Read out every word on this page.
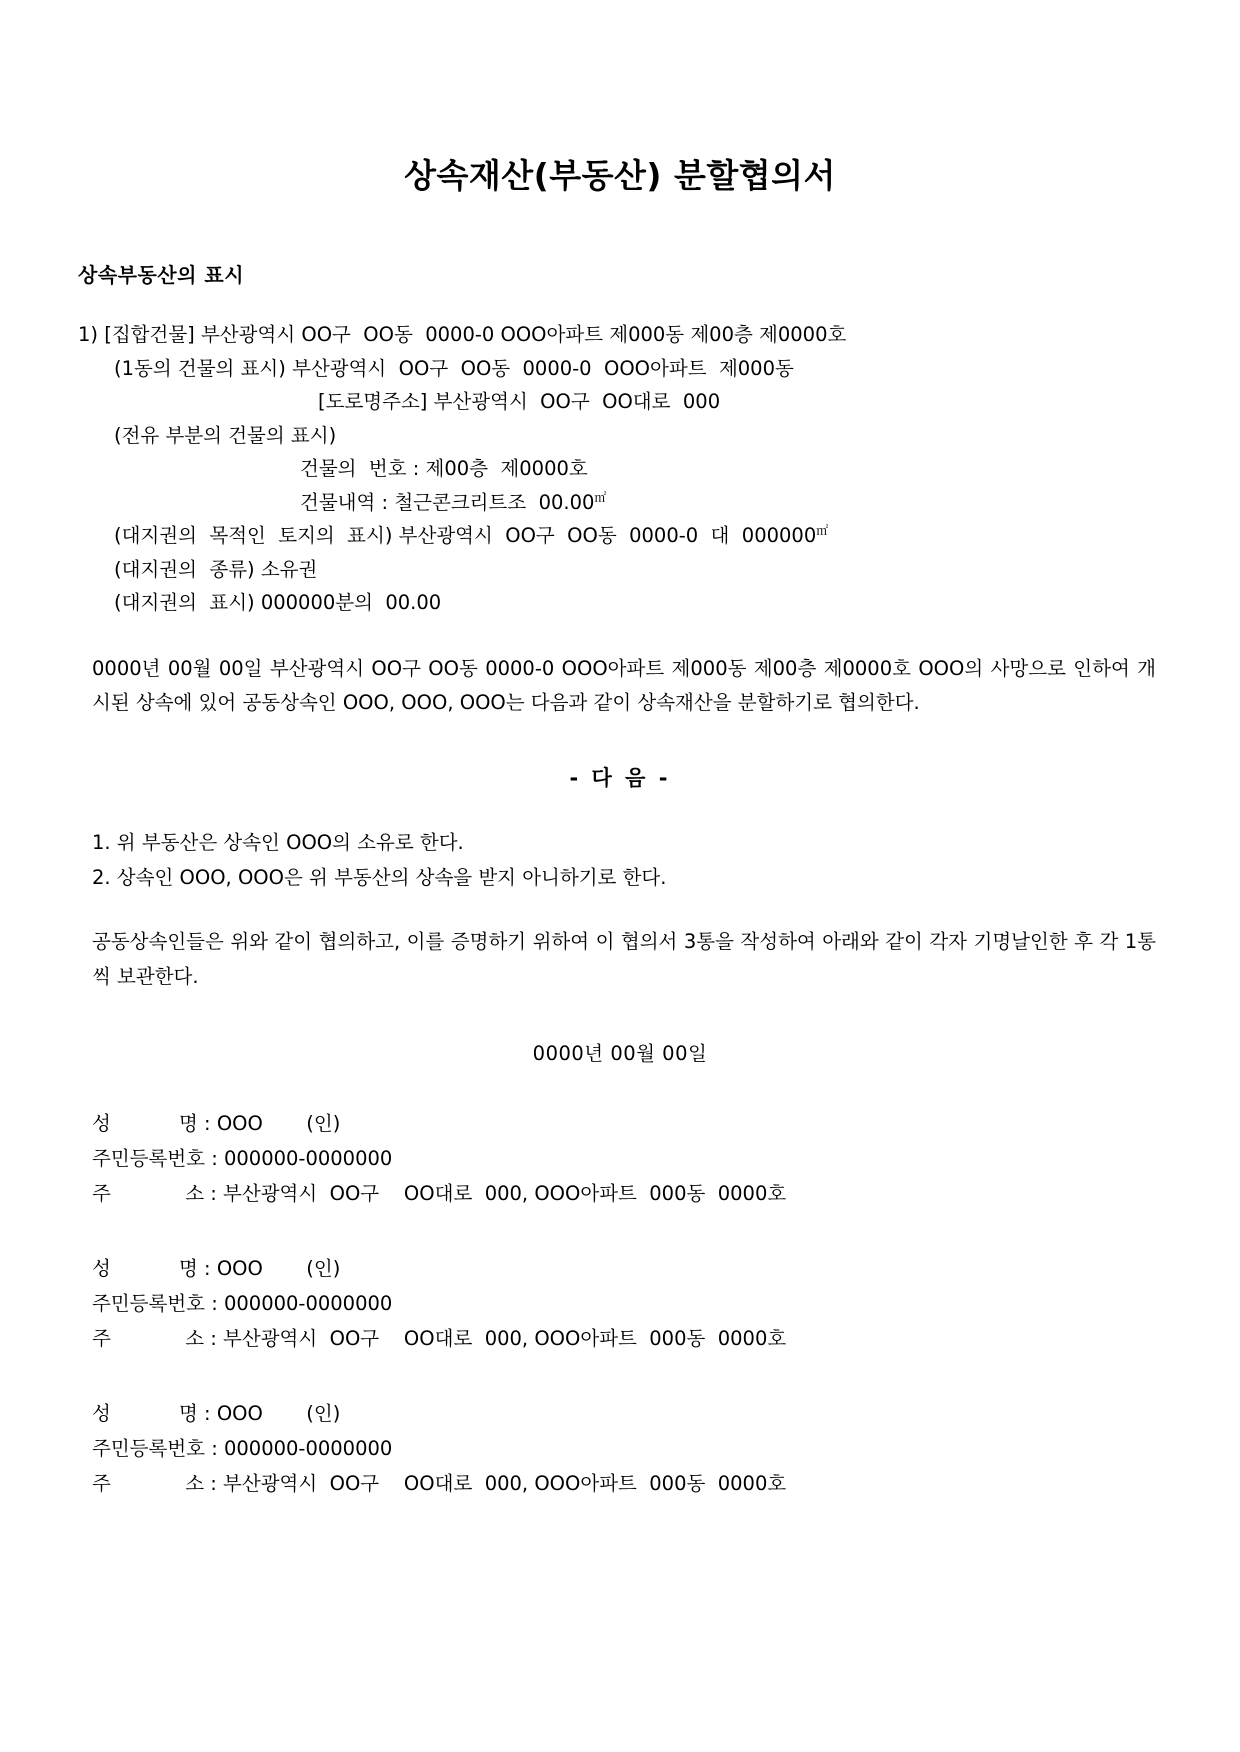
상속재산(부동산) 분할협의서
상속부동산의 표시
1) [집합건물] 부산광역시 OO구  OO동  0000-0 OOO아파트 제000동 제00층 제0000호
(1동의 건물의 표시) 부산광역시  OO구  OO동  0000-0  OOO아파트  제000동
[도로명주소] 부산광역시  OO구  OO대로  000
(전유 부분의 건물의 표시)
건물의  번호 : 제00층  제0000호
건물내역 : 철근콘크리트조  00.00㎡
(대지권의  목적인  토지의  표시) 부산광역시  OO구  OO동  0000-0  대  000000㎡
(대지권의  종류) 소유권
(대지권의  표시) 000000분의  00.00
0000년 00월 00일 부산광역시 OO구 OO동 0000-0 OOO아파트 제000동 제00층 제0000호 OOO의 사망으로 인하여 개시된 상속에 있어 공동상속인 OOO, OOO, OOO는 다음과 같이 상속재산을 분할하기로 협의한다.
- 다 음 -
1. 위 부동산은 상속인 OOO의 소유로 한다.
2. 상속인 OOO, OOO은 위 부동산의 상속을 받지 아니하기로 한다.
공동상속인들은 위와 같이 협의하고, 이를 증명하기 위하여 이 협의서 3통을 작성하여 아래와 같이 각자 기명날인한 후 각 1통씩 보관한다.
0000년 00월 00일
성           명 : OOO       (인)
주민등록번호 : 000000-0000000
주            소 : 부산광역시  OO구    OO대로  000, OOO아파트  000동  0000호
성           명 : OOO       (인)
주민등록번호 : 000000-0000000
주            소 : 부산광역시  OO구    OO대로  000, OOO아파트  000동  0000호
성           명 : OOO       (인)
주민등록번호 : 000000-0000000
주            소 : 부산광역시  OO구    OO대로  000, OOO아파트  000동  0000호
